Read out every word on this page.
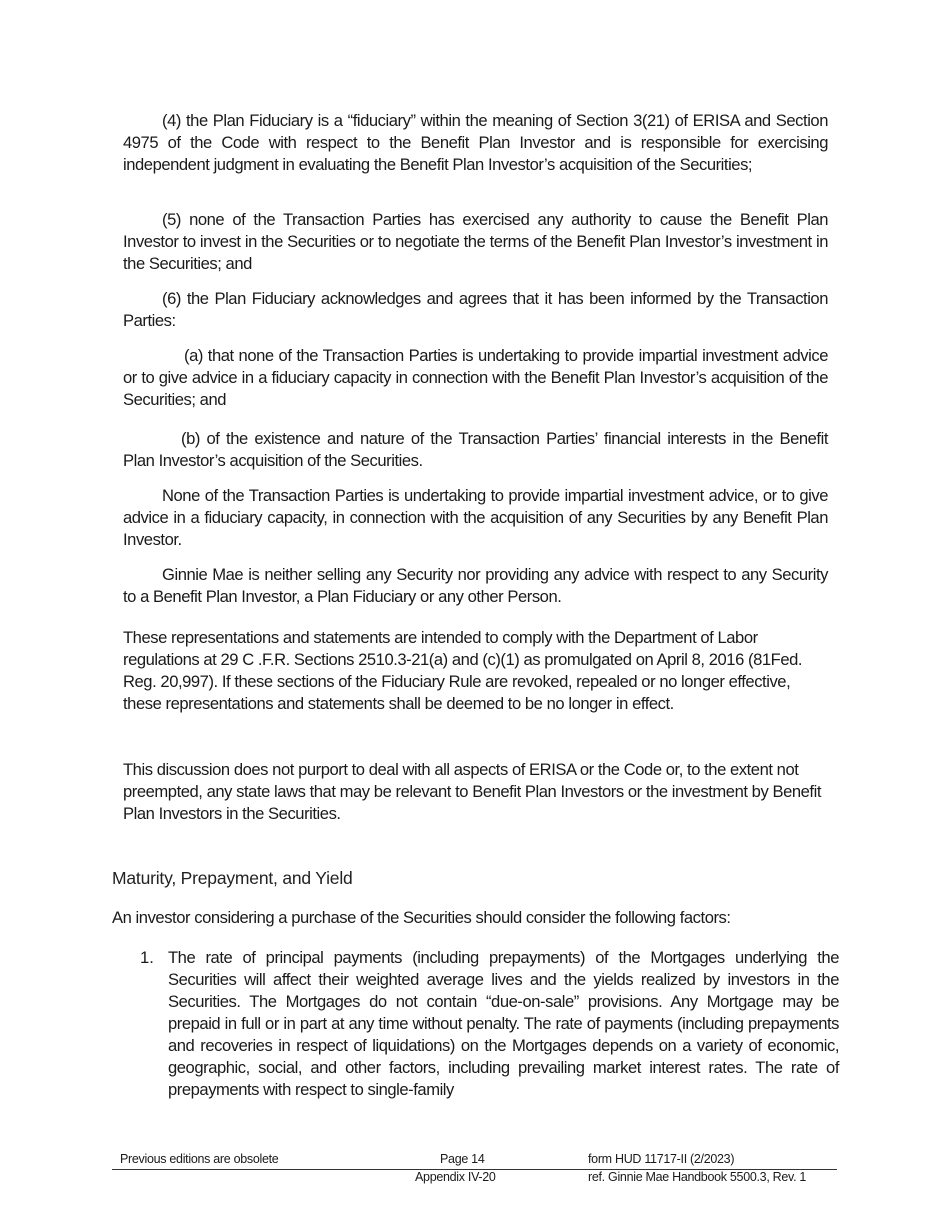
(4) the Plan Fiduciary is a “fiduciary” within the meaning of Section 3(21) of ERISA and Section 4975 of the Code with respect to the Benefit Plan Investor and is responsible for exercising independent judgment in evaluating the Benefit Plan Investor’s acquisition of the Securities;
(5) none of the Transaction Parties has exercised any authority to cause the Benefit Plan Investor to invest in the Securities or to negotiate the terms of the Benefit Plan Investor’s investment in the Securities; and
(6) the Plan Fiduciary acknowledges and agrees that it has been informed by the Transaction Parties:
(a) that none of the Transaction Parties is undertaking to provide impartial investment advice or to give advice in a fiduciary capacity in connection with the Benefit Plan Investor’s acquisition of the Securities; and
(b) of the existence and nature of the Transaction Parties’ financial interests in the Benefit Plan Investor’s acquisition of the Securities.
None of the Transaction Parties is undertaking to provide impartial investment advice, or to give advice in a fiduciary capacity, in connection with the acquisition of any Securities by any Benefit Plan Investor.
Ginnie Mae is neither selling any Security nor providing any advice with respect to any Security to a Benefit Plan Investor, a Plan Fiduciary or any other Person.
These representations and statements are intended to comply with the Department of Labor regulations at 29 C .F.R. Sections 2510.3-21(a) and (c)(1) as promulgated on April 8, 2016 (81Fed. Reg. 20,997). If these sections of the Fiduciary Rule are revoked, repealed or no longer effective, these representations and statements shall be deemed to be no longer in effect.
This discussion does not purport to deal with all aspects of ERISA or the Code or, to the extent not preempted, any state laws that may be relevant to Benefit Plan Investors or the investment by Benefit Plan Investors in the Securities.
Maturity, Prepayment, and Yield
An investor considering a purchase of the Securities should consider the following factors:
1. The rate of principal payments (including prepayments) of the Mortgages underlying the Securities will affect their weighted average lives and the yields realized by investors in the Securities. The Mortgages do not contain “due-on-sale” provisions. Any Mortgage may be prepaid in full or in part at any time without penalty. The rate of payments (including prepayments and recoveries in respect of liquidations) on the Mortgages depends on a variety of economic, geographic, social, and other factors, including prevailing market interest rates. The rate of prepayments with respect to single-family
Previous editions are obsolete	Page 14	form HUD 11717-II (2/2023)
Appendix IV-20	ref. Ginnie Mae Handbook 5500.3, Rev. 1
